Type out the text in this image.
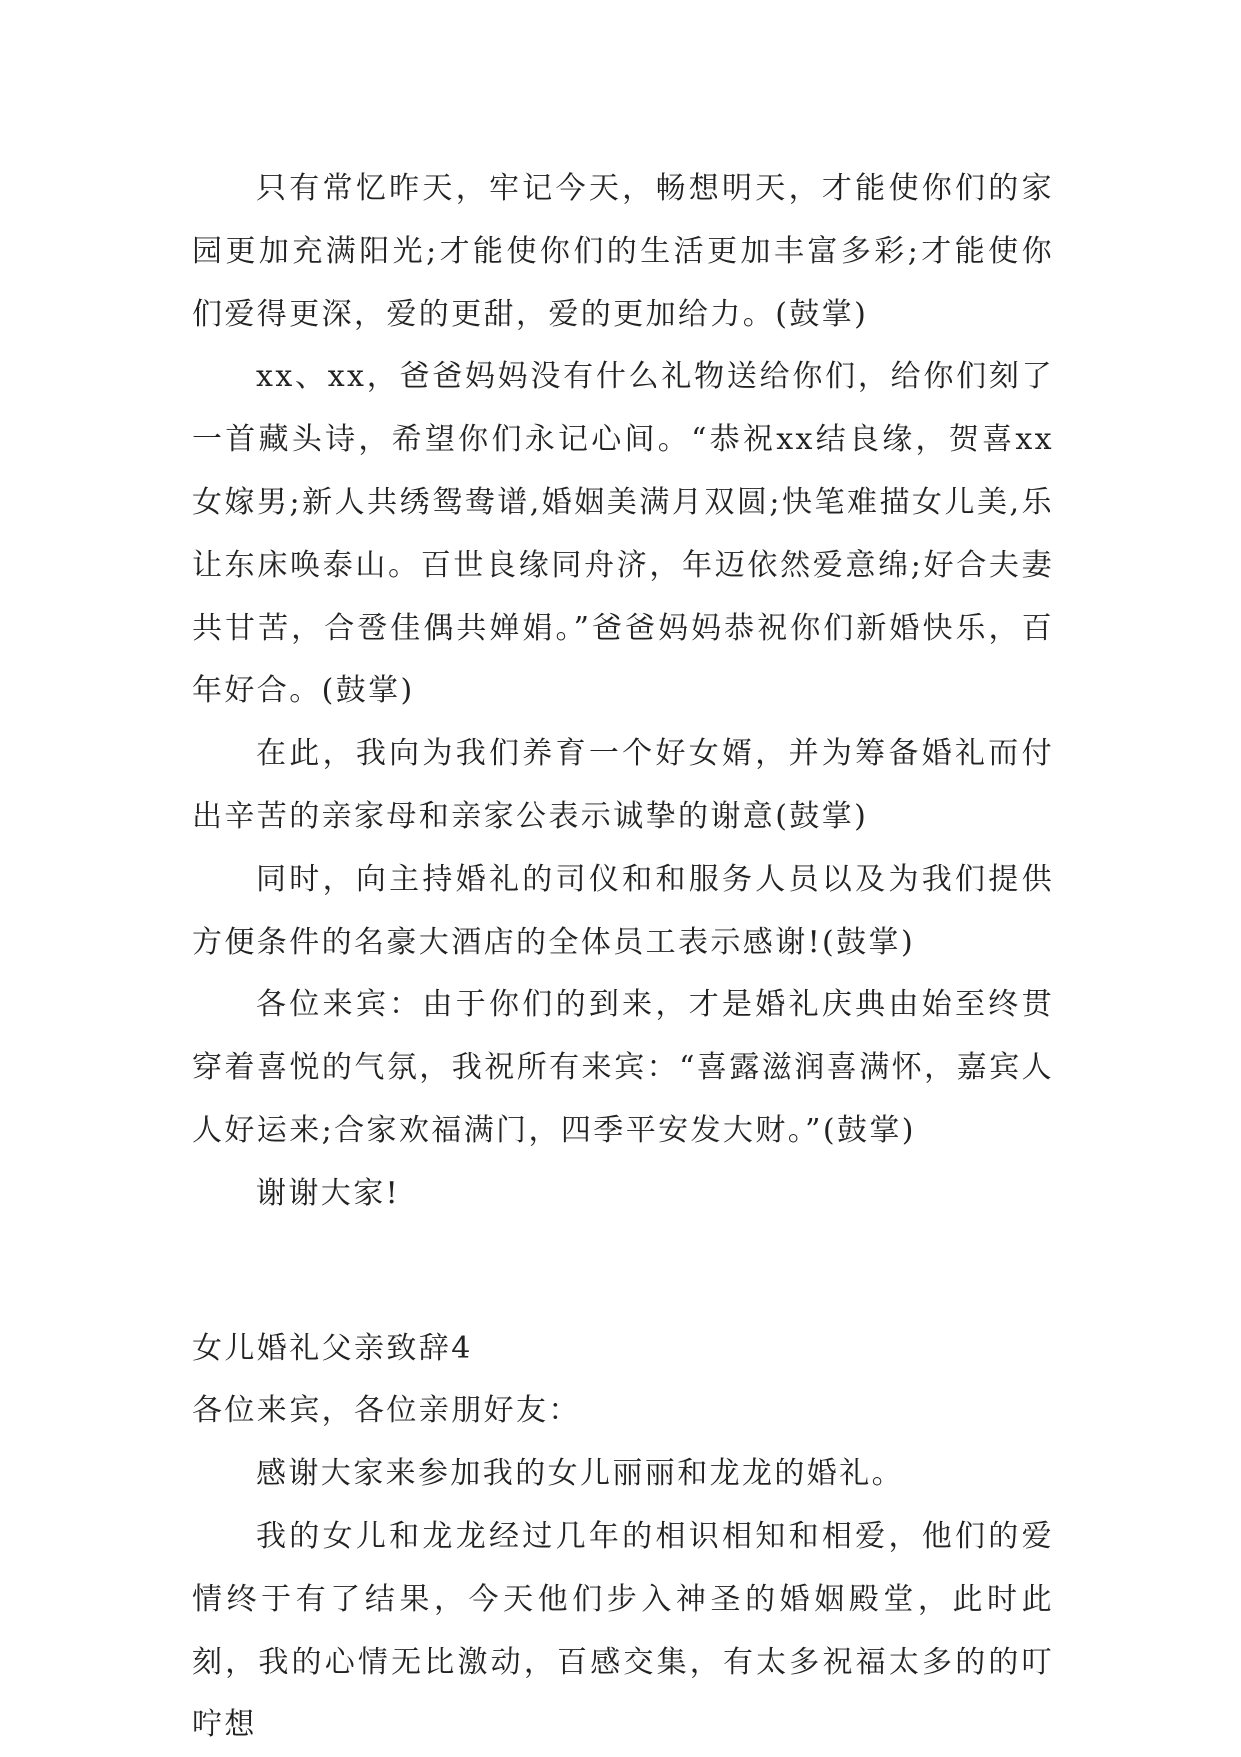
只有常忆昨天，牢记今天，畅想明天，才能使你们的家园更加充满阳光;才能使你们的生活更加丰富多彩;才能使你们爱得更深，爱的更甜，爱的更加给力。(鼓掌)

xx、xx，爸爸妈妈没有什么礼物送给你们，给你们刻了一首藏头诗，希望你们永记心间。“恭祝xx结良缘，贺喜xx女嫁男;新人共绣鸳鸯谱,婚姻美满月双圆;快笔难描女儿美,乐让东床唤泰山。百世良缘同舟济，年迈依然爱意绵;好合夫妻共甘苦，合卺佳偶共婵娟。”爸爸妈妈恭祝你们新婚快乐，百年好合。(鼓掌)

在此，我向为我们养育一个好女婿，并为筹备婚礼而付出辛苦的亲家母和亲家公表示诚挚的谢意(鼓掌)

同时，向主持婚礼的司仪和和服务人员以及为我们提供方便条件的名豪大酒店的全体员工表示感谢!(鼓掌)

各位来宾：由于你们的到来，才是婚礼庆典由始至终贯穿着喜悦的气氛，我祝所有来宾：“喜露滋润喜满怀，嘉宾人人好运来;合家欢福满门，四季平安发大财。”(鼓掌)

谢谢大家!

女儿婚礼父亲致辞4

各位来宾，各位亲朋好友：

感谢大家来参加我的女儿丽丽和龙龙的婚礼。

我的女儿和龙龙经过几年的相识相知和相爱，他们的爱情终于有了结果，今天他们步入神圣的婚姻殿堂，此时此刻，我的心情无比激动，百感交集，有太多祝福太多的的叮咛想
